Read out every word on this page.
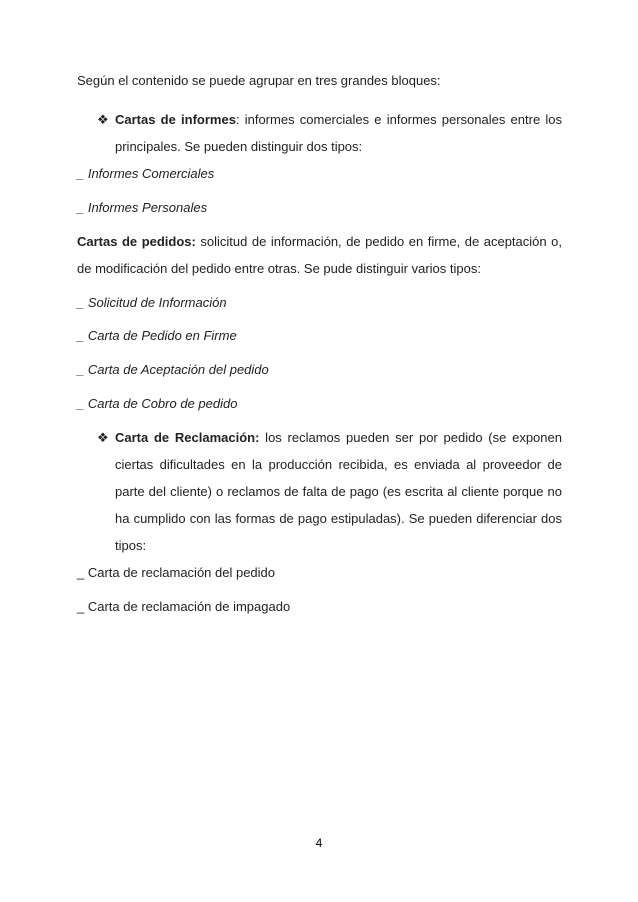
Según el contenido se puede agrupar en tres grandes bloques:
❖ Cartas de informes: informes comerciales e informes personales entre los
principales. Se pueden distinguir dos tipos:
_ Informes Comerciales
_ Informes Personales
Cartas de pedidos: solicitud de información, de pedido en firme, de aceptación o,
de modificación del pedido entre otras. Se pude distinguir varios tipos:
_ Solicitud de Información
_ Carta de Pedido en Firme
_ Carta de Aceptación del pedido
_ Carta de Cobro de pedido
❖ Carta de Reclamación: los reclamos pueden ser por pedido (se exponen
ciertas dificultades en la producción recibida, es enviada al proveedor de
parte del cliente) o reclamos de falta de pago (es escrita al cliente porque no
ha cumplido con las formas de pago estipuladas). Se pueden diferenciar dos
tipos:
_ Carta de reclamación del pedido
_ Carta de reclamación de impagado
4
